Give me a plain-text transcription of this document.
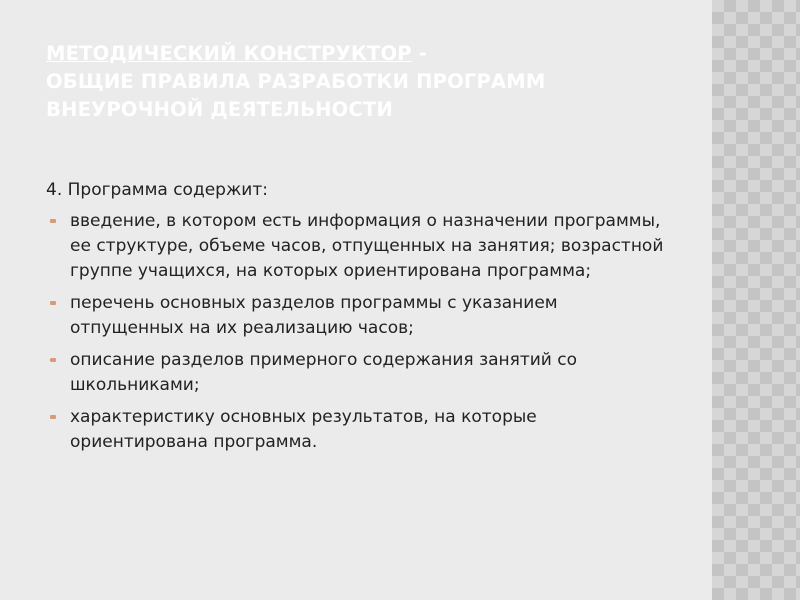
МЕТОДИЧЕСКИЙ КОНСТРУКТОР -
ОБЩИЕ ПРАВИЛА РАЗРАБОТКИ ПРОГРАММ
ВНЕУРОЧНОЙ ДЕЯТЕЛЬНОСТИ

4. Программа содержит:

введение, в котором есть информация о назначении программы, ее структуре, объеме часов, отпущенных на занятия; возрастной группе учащихся, на которых ориентирована программа;
перечень основных разделов программы с указанием отпущенных на их реализацию часов;
описание разделов примерного содержания занятий со школьниками;
характеристику основных результатов, на которые ориентирована программа.
